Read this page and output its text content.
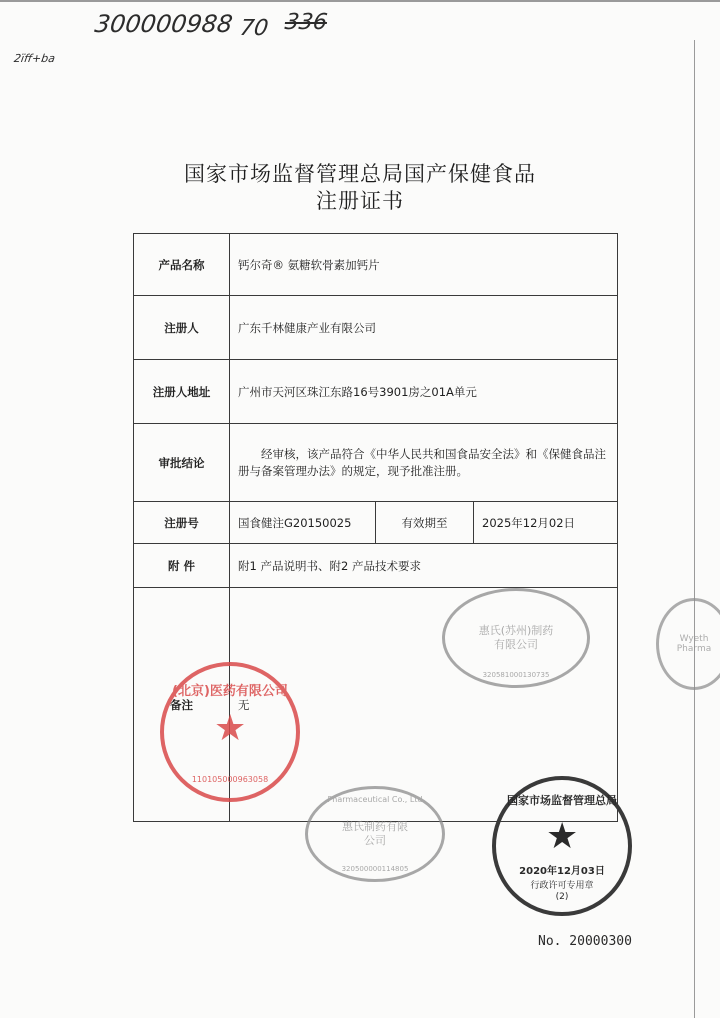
300000988 70 336
2ïff+ba
国家市场监督管理总局国产保健食品
注册证书
产品名称	钙尔奇® 氨糖软骨素加钙片		
注册人	广东千林健康产业有限公司		
注册人地址	广州市天河区珠江东路16号3901房之01A单元		
审批结论	经审核，该产品符合《中华人民共和国食品安全法》和《保健食品注册与备案管理办法》的规定，现予批准注册。		
注册号	国食健注G20150025	有效期至	2025年12月02日
附 件	附1 产品说明书、附2 产品技术要求		
备注	无		
(北京)医药有限公司
★
110105000963058
惠氏(苏州)制药有限公司
320581000130735
Pharmaceutical Co., Ltd
惠氏制药有限公司
320500000114805
Wyeth Pharma
国家市场监督管理总局
★
2020年12月03日
行政许可专用章
(2)
No. 20000300
